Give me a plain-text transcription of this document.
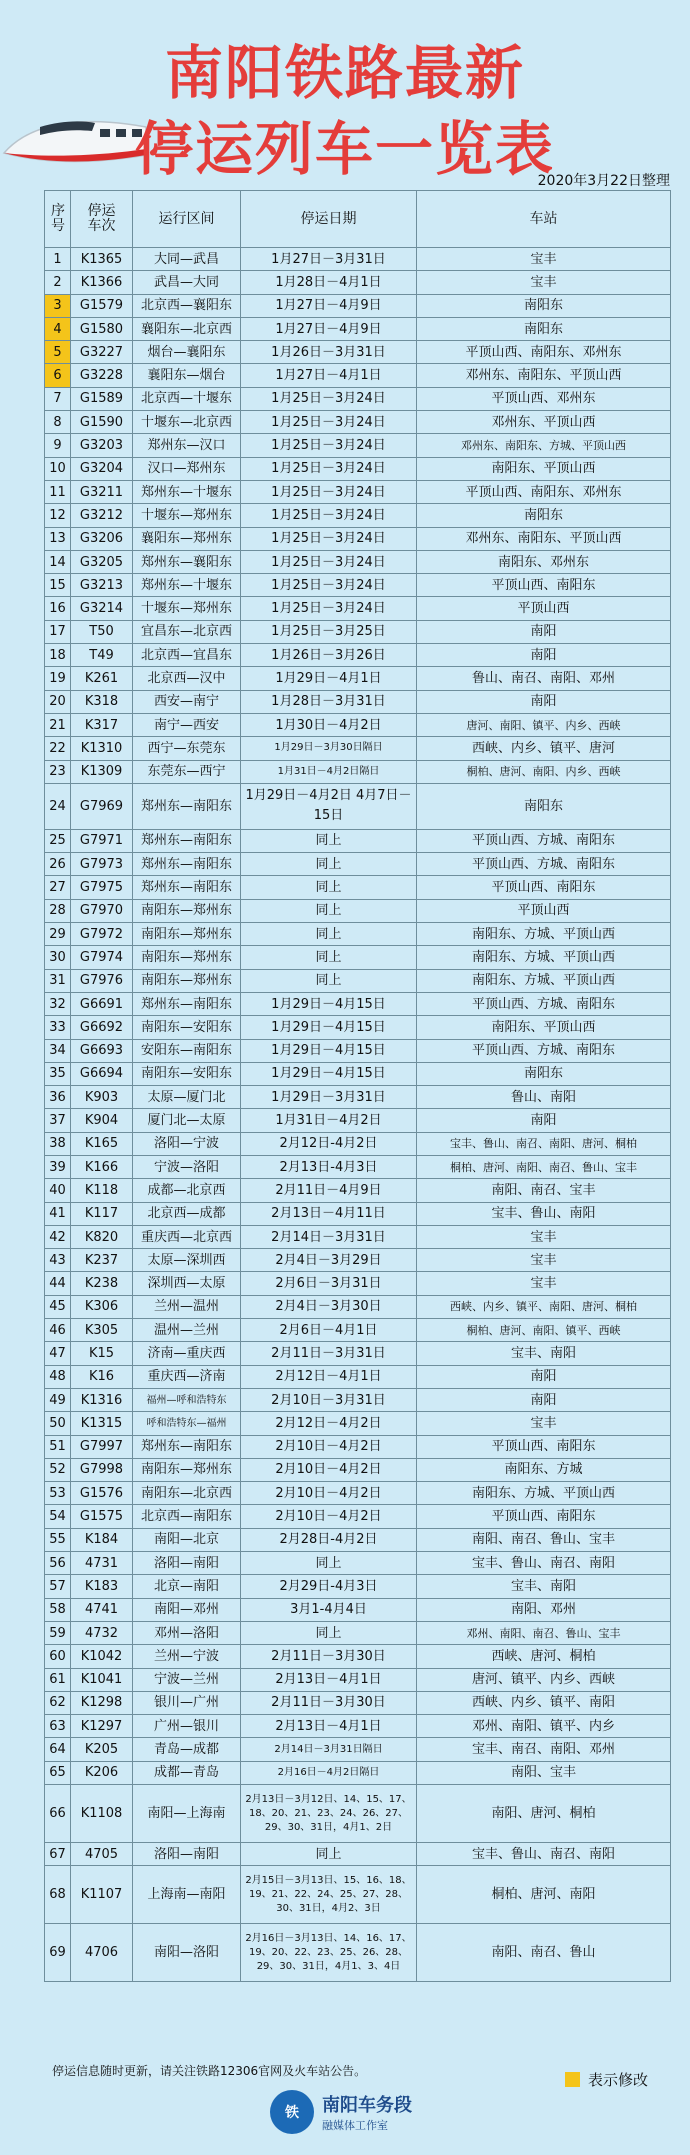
南阳铁路最新
停运列车一览表
2020年3月22日整理
序号	停运车次	运行区间	停运日期	车站
1	K1365	大同—武昌	1月27日－3月31日	宝丰
2	K1366	武昌—大同	1月28日－4月1日	宝丰
3	G1579	北京西—襄阳东	1月27日－4月9日	南阳东
4	G1580	襄阳东—北京西	1月27日－4月9日	南阳东
5	G3227	烟台—襄阳东	1月26日－3月31日	平顶山西、南阳东、邓州东
6	G3228	襄阳东—烟台	1月27日－4月1日	邓州东、南阳东、平顶山西
7	G1589	北京西—十堰东	1月25日－3月24日	平顶山西、邓州东
8	G1590	十堰东—北京西	1月25日－3月24日	邓州东、平顶山西
9	G3203	郑州东—汉口	1月25日－3月24日	邓州东、南阳东、方城、平顶山西
10	G3204	汉口—郑州东	1月25日－3月24日	南阳东、平顶山西
11	G3211	郑州东—十堰东	1月25日－3月24日	平顶山西、南阳东、邓州东
12	G3212	十堰东—郑州东	1月25日－3月24日	南阳东
13	G3206	襄阳东—郑州东	1月25日－3月24日	邓州东、南阳东、平顶山西
14	G3205	郑州东—襄阳东	1月25日－3月24日	南阳东、邓州东
15	G3213	郑州东—十堰东	1月25日－3月24日	平顶山西、南阳东
16	G3214	十堰东—郑州东	1月25日－3月24日	平顶山西
17	T50	宜昌东—北京西	1月25日－3月25日	南阳
18	T49	北京西—宜昌东	1月26日－3月26日	南阳
19	K261	北京西—汉中	1月29日－4月1日	鲁山、南召、南阳、邓州
20	K318	西安—南宁	1月28日－3月31日	南阳
21	K317	南宁—西安	1月30日－4月2日	唐河、南阳、镇平、内乡、西峡
22	K1310	西宁—东莞东	1月29日－3月30日隔日	西峡、内乡、镇平、唐河
23	K1309	东莞东—西宁	1月31日－4月2日隔日	桐柏、唐河、南阳、内乡、西峡
24	G7969	郑州东—南阳东	1月29日－4月2日 4月7日－15日	南阳东
25	G7971	郑州东—南阳东	同上	平顶山西、方城、南阳东
26	G7973	郑州东—南阳东	同上	平顶山西、方城、南阳东
27	G7975	郑州东—南阳东	同上	平顶山西、南阳东
28	G7970	南阳东—郑州东	同上	平顶山西
29	G7972	南阳东—郑州东	同上	南阳东、方城、平顶山西
30	G7974	南阳东—郑州东	同上	南阳东、方城、平顶山西
31	G7976	南阳东—郑州东	同上	南阳东、方城、平顶山西
32	G6691	郑州东—南阳东	1月29日－4月15日	平顶山西、方城、南阳东
33	G6692	南阳东—安阳东	1月29日－4月15日	南阳东、平顶山西
34	G6693	安阳东—南阳东	1月29日－4月15日	平顶山西、方城、南阳东
35	G6694	南阳东—安阳东	1月29日－4月15日	南阳东
36	K903	太原—厦门北	1月29日－3月31日	鲁山、南阳
37	K904	厦门北—太原	1月31日－4月2日	南阳
38	K165	洛阳—宁波	2月12日-4月2日	宝丰、鲁山、南召、南阳、唐河、桐柏
39	K166	宁波—洛阳	2月13日-4月3日	桐柏、唐河、南阳、南召、鲁山、宝丰
40	K118	成都—北京西	2月11日－4月9日	南阳、南召、宝丰
41	K117	北京西—成都	2月13日－4月11日	宝丰、鲁山、南阳
42	K820	重庆西—北京西	2月14日－3月31日	宝丰
43	K237	太原—深圳西	2月4日－3月29日	宝丰
44	K238	深圳西—太原	2月6日－3月31日	宝丰
45	K306	兰州—温州	2月4日－3月30日	西峡、内乡、镇平、南阳、唐河、桐柏
46	K305	温州—兰州	2月6日－4月1日	桐柏、唐河、南阳、镇平、西峡
47	K15	济南—重庆西	2月11日－3月31日	宝丰、南阳
48	K16	重庆西—济南	2月12日－4月1日	南阳
49	K1316	福州—呼和浩特东	2月10日－3月31日	南阳
50	K1315	呼和浩特东—福州	2月12日－4月2日	宝丰
51	G7997	郑州东—南阳东	2月10日－4月2日	平顶山西、南阳东
52	G7998	南阳东—郑州东	2月10日－4月2日	南阳东、方城
53	G1576	南阳东—北京西	2月10日－4月2日	南阳东、方城、平顶山西
54	G1575	北京西—南阳东	2月10日－4月2日	平顶山西、南阳东
55	K184	南阳—北京	2月28日-4月2日	南阳、南召、鲁山、宝丰
56	4731	洛阳—南阳	同上	宝丰、鲁山、南召、南阳
57	K183	北京—南阳	2月29日-4月3日	宝丰、南阳
58	4741	南阳—邓州	3月1-4月4日	南阳、邓州
59	4732	邓州—洛阳	同上	邓州、南阳、南召、鲁山、宝丰
60	K1042	兰州—宁波	2月11日－3月30日	西峡、唐河、桐柏
61	K1041	宁波—兰州	2月13日－4月1日	唐河、镇平、内乡、西峡
62	K1298	银川—广州	2月11日－3月30日	西峡、内乡、镇平、南阳
63	K1297	广州—银川	2月13日－4月1日	邓州、南阳、镇平、内乡
64	K205	青岛—成都	2月14日－3月31日隔日	宝丰、南召、南阳、邓州
65	K206	成都—青岛	2月16日－4月2日隔日	南阳、宝丰
66	K1108	南阳—上海南	2月13日－3月12日、14、15、17、18、20、21、23、24、26、27、29、30、31日，4月1、2日	南阳、唐河、桐柏
67	4705	洛阳—南阳	同上	宝丰、鲁山、南召、南阳
68	K1107	上海南—南阳	2月15日－3月13日、15、16、18、19、21、22、24、25、27、28、30、31日，4月2、3日	桐柏、唐河、南阳
69	4706	南阳—洛阳	2月16日－3月13日、14、16、17、19、20、22、23、25、26、28、29、30、31日，4月1、3、4日	南阳、南召、鲁山
停运信息随时更新，请关注铁路12306官网及火车站公告。	表示修改
铁	南阳车务段
融媒体工作室
